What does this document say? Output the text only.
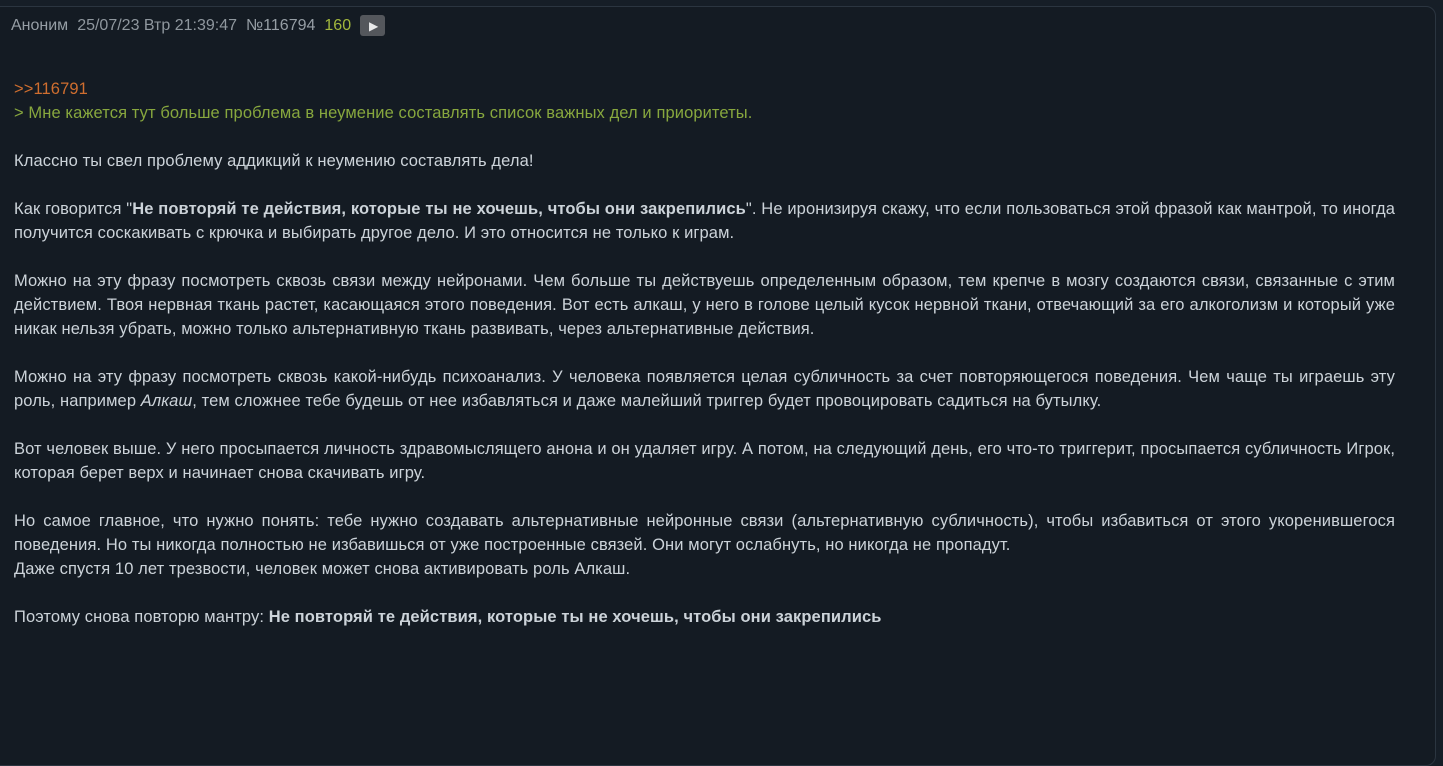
Аноним 25/07/23 Втр 21:39:47 №116794 160 ▶

>>116791

> Мне кажется тут больше проблема в неумение составлять список важных дел и приоритеты.

Классно ты свел проблему аддикций к неумению составлять дела!

Как говорится "Не повторяй те действия, которые ты не хочешь, чтобы они закрепились". Не иронизируя скажу, что если пользоваться этой фразой как мантрой, то иногда получится соскакивать с крючка и выбирать другое дело. И это относится не только к играм.

Можно на эту фразу посмотреть сквозь связи между нейронами. Чем больше ты действуешь определенным образом, тем крепче в мозгу создаются связи, связанные с этим действием. Твоя нервная ткань растет, касающаяся этого поведения. Вот есть алкаш, у него в голове целый кусок нервной ткани, отвечающий за его алкоголизм и который уже никак нельзя убрать, можно только альтернативную ткань развивать, через альтернативные действия.

Можно на эту фразу посмотреть сквозь какой-нибудь психоанализ. У человека появляется целая субличность за счет повторяющегося поведения. Чем чаще ты играешь эту роль, например Алкаш, тем сложнее тебе будешь от нее избавляться и даже малейший триггер будет провоцировать садиться на бутылку.

Вот человек выше. У него просыпается личность здравомыслящего анона и он удаляет игру. А потом, на следующий день, его что-то триггерит, просыпается субличность Игрок, которая берет верх и начинает снова скачивать игру.

Но самое главное, что нужно понять: тебе нужно создавать альтернативные нейронные связи (альтернативную субличность), чтобы избавиться от этого укоренившегося поведения. Но ты никогда полностью не избавишься от уже построенные связей. Они могут ослабнуть, но никогда не пропадут.
Даже спустя 10 лет трезвости, человек может снова активировать роль Алкаш.

Поэтому снова повторю мантру: Не повторяй те действия, которые ты не хочешь, чтобы они закрепились
